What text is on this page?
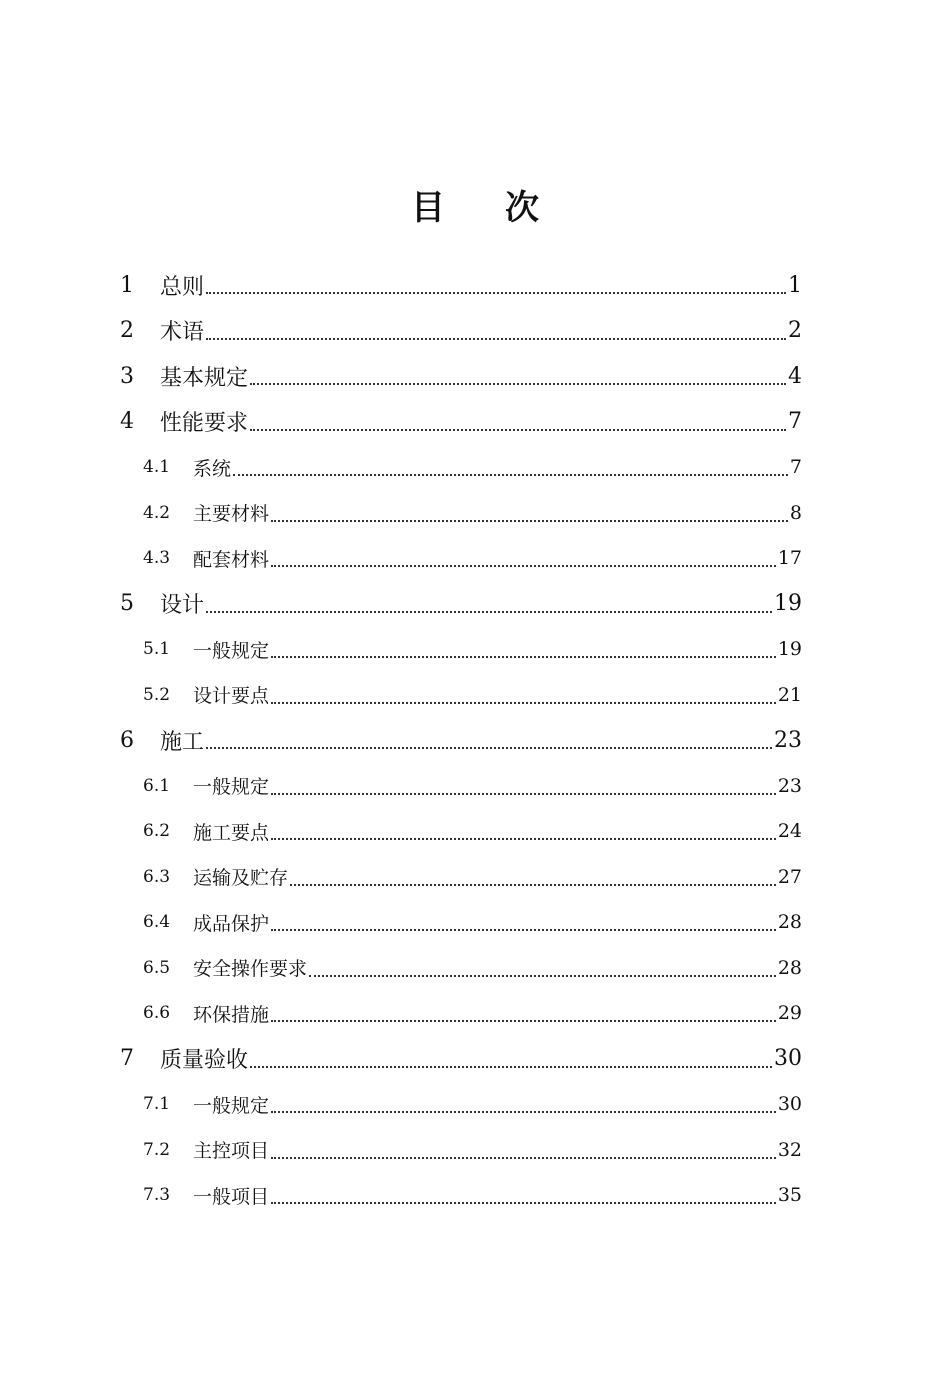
目 次
1	总则	1
2	术语	2
3	基本规定	4
4	性能要求	7
4.1	系统	7
4.2	主要材料	8
4.3	配套材料	17
5	设计	19
5.1	一般规定	19
5.2	设计要点	21
6	施工	23
6.1	一般规定	23
6.2	施工要点	24
6.3	运输及贮存	27
6.4	成品保护	28
6.5	安全操作要求	28
6.6	环保措施	29
7	质量验收	30
7.1	一般规定	30
7.2	主控项目	32
7.3	一般项目	35
